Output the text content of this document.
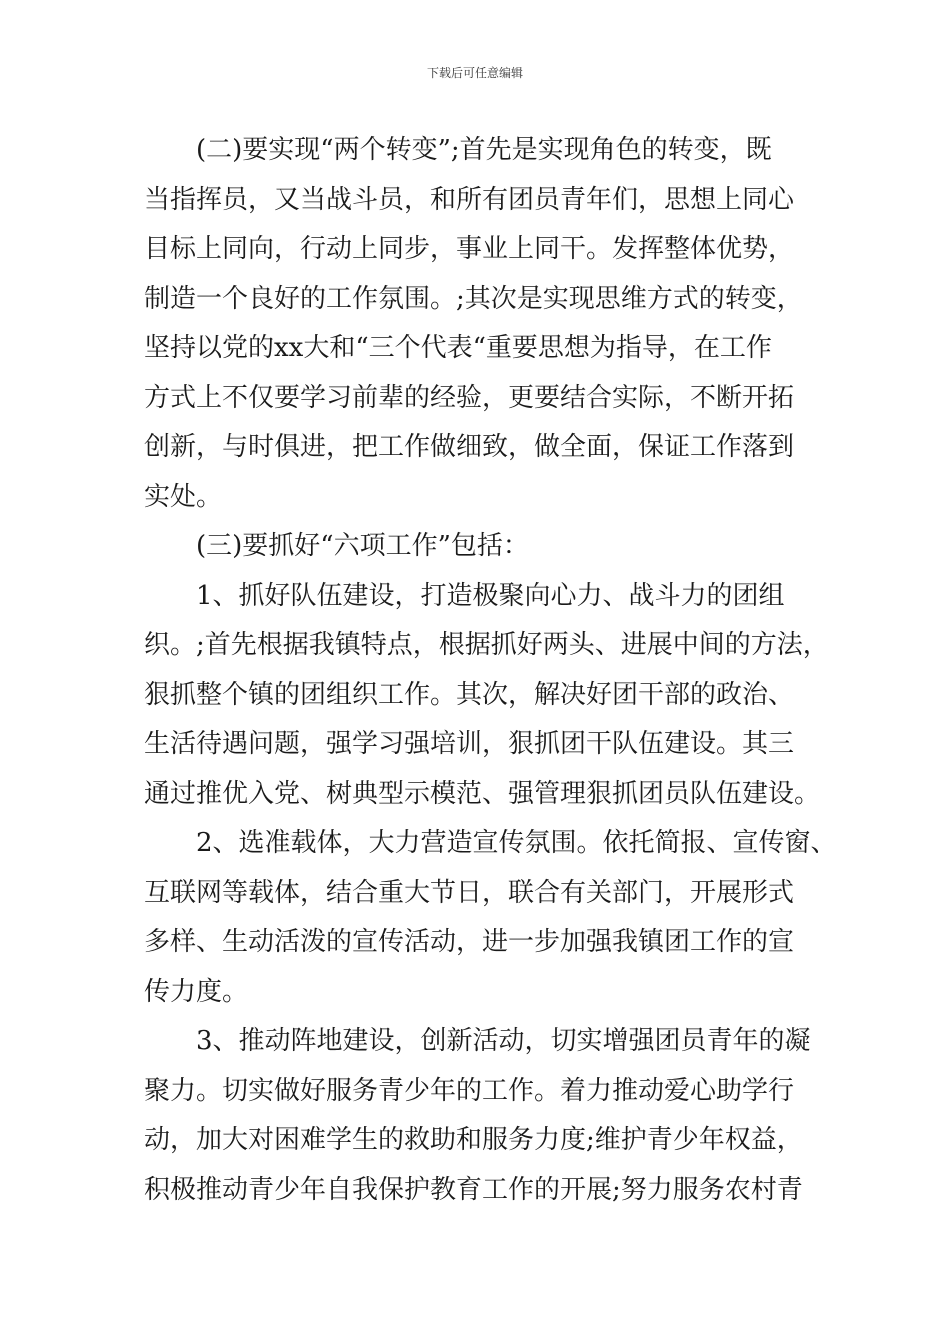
下载后可任意编辑
(二)要实现“两个转变”;首先是实现角色的转变，既
当指挥员，又当战斗员，和所有团员青年们，思想上同心
目标上同向，行动上同步，事业上同干。发挥整体优势，
制造一个良好的工作氛围。;其次是实现思维方式的转变，
坚持以党的xx大和“三个代表“重要思想为指导，在工作
方式上不仅要学习前辈的经验，更要结合实际，不断开拓
创新，与时俱进，把工作做细致，做全面，保证工作落到
实处。
(三)要抓好“六项工作”包括：
1、抓好队伍建设，打造极聚向心力、战斗力的团组
织。;首先根据我镇特点，根据抓好两头、进展中间的方法，
狠抓整个镇的团组织工作。其次，解决好团干部的政治、
生活待遇问题，强学习强培训，狠抓团干队伍建设。其三
通过推优入党、树典型示模范、强管理狠抓团员队伍建设。
2、选准载体，大力营造宣传氛围。依托简报、宣传窗、
互联网等载体，结合重大节日，联合有关部门，开展形式
多样、生动活泼的宣传活动，进一步加强我镇团工作的宣
传力度。
3、推动阵地建设，创新活动，切实增强团员青年的凝
聚力。切实做好服务青少年的工作。着力推动爱心助学行
动，加大对困难学生的救助和服务力度;维护青少年权益，
积极推动青少年自我保护教育工作的开展;努力服务农村青
